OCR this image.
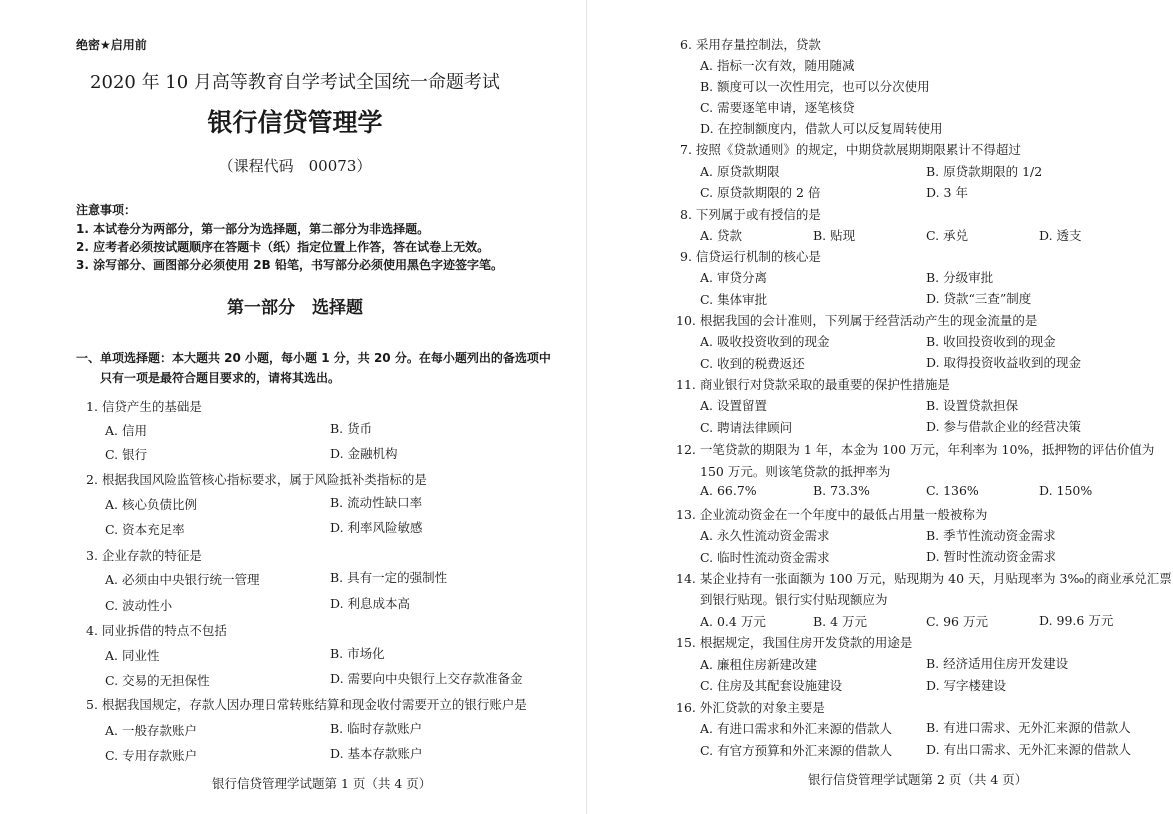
绝密★启用前
2020 年 10 月高等教育自学考试全国统一命题考试
银行信贷管理学
（课程代码　00073）
注意事项：
1. 本试卷分为两部分，第一部分为选择题，第二部分为非选择题。
2. 应考者必须按试题顺序在答题卡（纸）指定位置上作答，答在试卷上无效。
3. 涂写部分、画图部分必须使用 2B 铅笔，书写部分必须使用黑色字迹签字笔。
第一部分　选择题
一、单项选择题：本大题共 20 小题，每小题 1 分，共 20 分。在每小题列出的备选项中
只有一项是最符合题目要求的，请将其选出。
1. 信贷产生的基础是
A. 信用	B. 货币
C. 银行	D. 金融机构
2. 根据我国风险监管核心指标要求，属于风险抵补类指标的是
A. 核心负债比例	B. 流动性缺口率
C. 资本充足率	D. 利率风险敏感
3. 企业存款的特征是
A. 必须由中央银行统一管理	B. 具有一定的强制性
C. 波动性小	D. 利息成本高
4. 同业拆借的特点不包括
A. 同业性	B. 市场化
C. 交易的无担保性	D. 需要向中央银行上交存款准备金
5. 根据我国规定，存款人因办理日常转账结算和现金收付需要开立的银行账户是
A. 一般存款账户	B. 临时存款账户
C. 专用存款账户	D. 基本存款账户
银行信贷管理学试题第 1 页（共 4 页）
6. 采用存量控制法，贷款
A. 指标一次有效，随用随减
B. 额度可以一次性用完，也可以分次使用
C. 需要逐笔申请，逐笔核贷
D. 在控制额度内，借款人可以反复周转使用
7. 按照《贷款通则》的规定，中期贷款展期期限累计不得超过
A. 原贷款期限	B. 原贷款期限的 1/2
C. 原贷款期限的 2 倍	D. 3 年
8. 下列属于或有授信的是
A. 贷款	B. 贴现	C. 承兑	D. 透支
9. 信贷运行机制的核心是
A. 审贷分离	B. 分级审批
C. 集体审批	D. 贷款“三查”制度
10. 根据我国的会计准则，下列属于经营活动产生的现金流量的是
A. 吸收投资收到的现金	B. 收回投资收到的现金
C. 收到的税费返还	D. 取得投资收益收到的现金
11. 商业银行对贷款采取的最重要的保护性措施是
A. 设置留置	B. 设置贷款担保
C. 聘请法律顾问	D. 参与借款企业的经营决策
12. 一笔贷款的期限为 1 年，本金为 100 万元，年利率为 10%，抵押物的评估价值为
150 万元。则该笔贷款的抵押率为
A. 66.7%	B. 73.3%	C. 136%	D. 150%
13. 企业流动资金在一个年度中的最低占用量一般被称为
A. 永久性流动资金需求	B. 季节性流动资金需求
C. 临时性流动资金需求	D. 暂时性流动资金需求
14. 某企业持有一张面额为 100 万元，贴现期为 40 天，月贴现率为 3‰的商业承兑汇票
到银行贴现。银行实付贴现额应为
A. 0.4 万元	B. 4 万元	C. 96 万元	D. 99.6 万元
15. 根据规定，我国住房开发贷款的用途是
A. 廉租住房新建改建	B. 经济适用住房开发建设
C. 住房及其配套设施建设	D. 写字楼建设
16. 外汇贷款的对象主要是
A. 有进口需求和外汇来源的借款人	B. 有进口需求、无外汇来源的借款人
C. 有官方预算和外汇来源的借款人	D. 有出口需求、无外汇来源的借款人
银行信贷管理学试题第 2 页（共 4 页）
